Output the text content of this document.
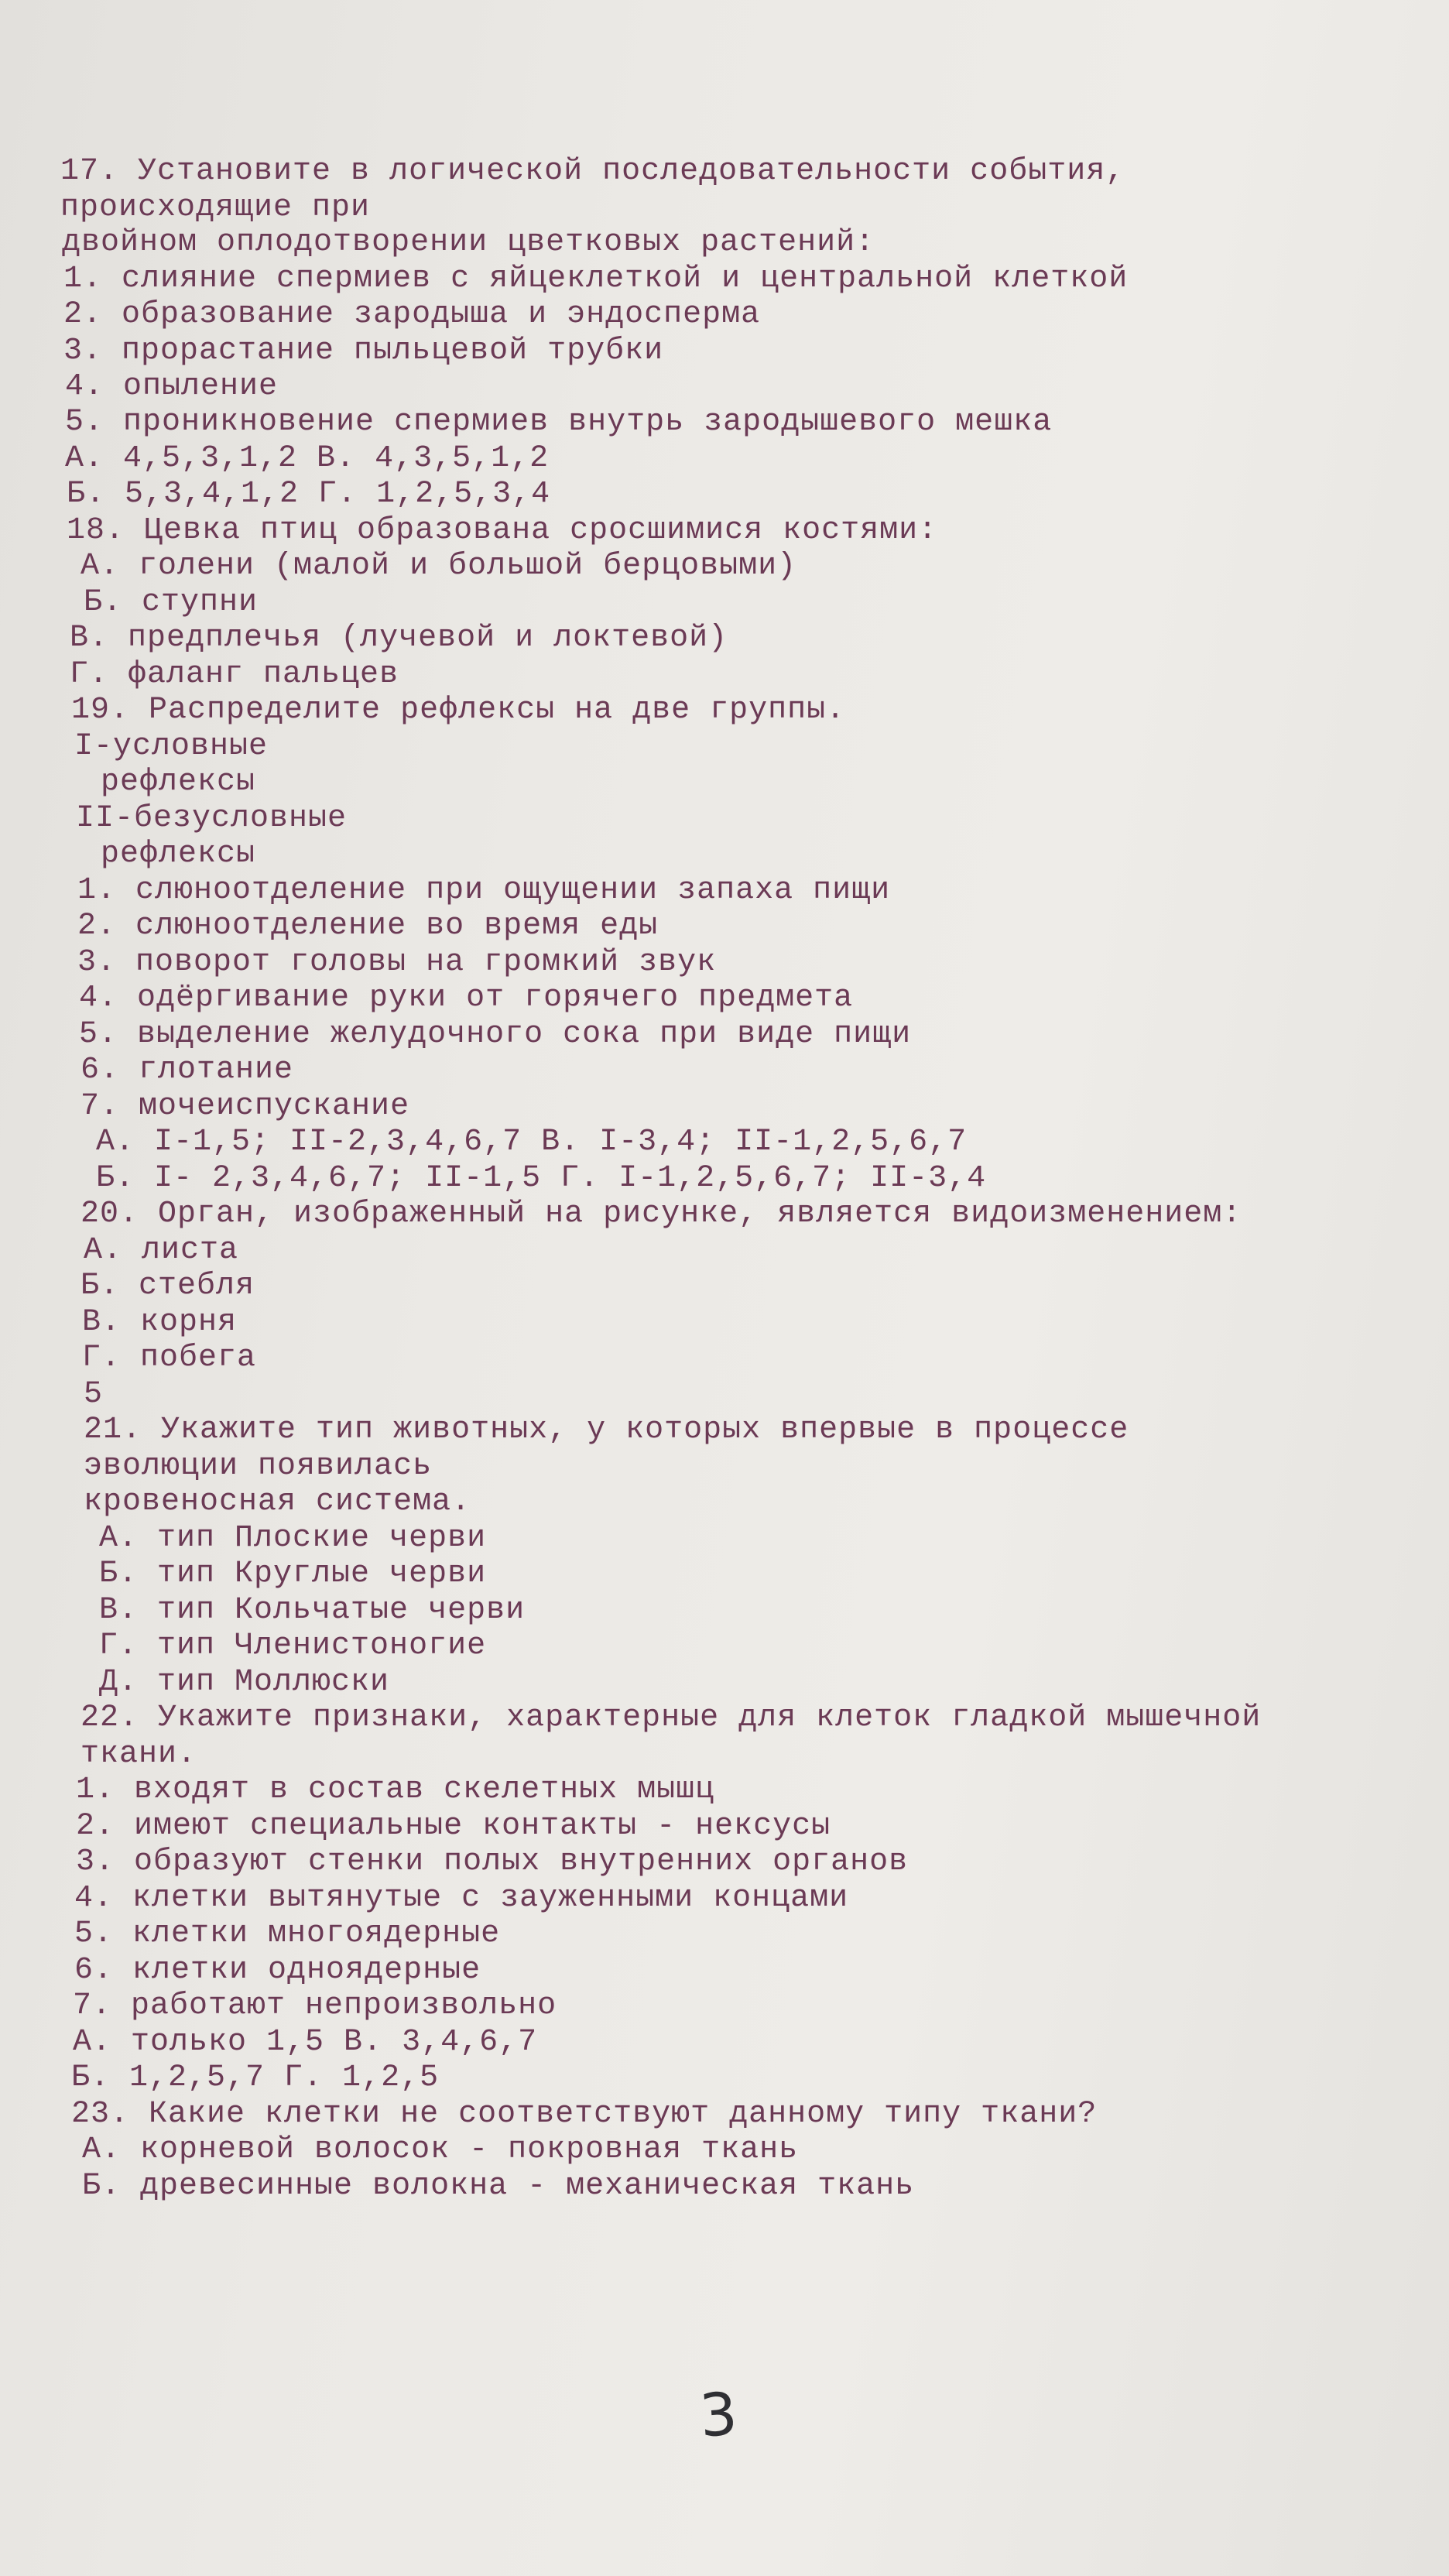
17. Установите в логической последовательности события,
происходящие при
двойном оплодотворении цветковых растений:
1. слияние спермиев с яйцеклеткой и центральной клеткой
2. образование зародыша и эндосперма
3. прорастание пыльцевой трубки
4. опыление
5. проникновение спермиев внутрь зародышевого мешка
А. 4,5,3,1,2 В. 4,3,5,1,2
Б. 5,3,4,1,2 Г. 1,2,5,3,4
18. Цевка птиц образована сросшимися костями:
А. голени (малой и большой берцовыми)
Б. ступни
В. предплечья (лучевой и локтевой)
Г. фаланг пальцев
19. Распределите рефлексы на две группы.
I-условные
рефлексы
II-безусловные
рефлексы
1. слюноотделение при ощущении запаха пищи
2. слюноотделение во время еды
3. поворот головы на громкий звук
4. одёргивание руки от горячего предмета
5. выделение желудочного сока при виде пищи
6. глотание
7. мочеиспускание
А. I-1,5; II-2,3,4,6,7 В. I-3,4; II-1,2,5,6,7
Б. I- 2,3,4,6,7; II-1,5 Г. I-1,2,5,6,7; II-3,4
20. Орган, изображенный на рисунке, является видоизменением:
А. листа
Б. стебля
В. корня
Г. побега
5
21. Укажите тип животных, у которых впервые в процессе
эволюции появилась
кровеносная система.
А. тип Плоские черви
Б. тип Круглые черви
В. тип Кольчатые черви
Г. тип Членистоногие
Д. тип Моллюски
22. Укажите признаки, характерные для клеток гладкой мышечной
ткани.
1. входят в состав скелетных мышц
2. имеют специальные контакты - нексусы
3. образуют стенки полых внутренних органов
4. клетки вытянутые с зауженными концами
5. клетки многоядерные
6. клетки одноядерные
7. работают непроизвольно
А. только 1,5 В. 3,4,6,7
Б. 1,2,5,7 Г. 1,2,5
23. Какие клетки не соответствуют данному типу ткани?
А. корневой волосок - покровная ткань
Б. древесинные волокна - механическая ткань
3
